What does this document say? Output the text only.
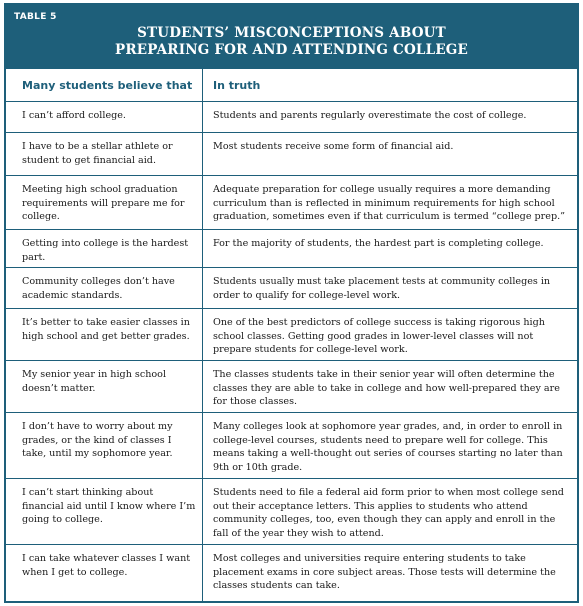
TABLE 5
STUDENTS’ MISCONCEPTIONS ABOUT
PREPARING FOR AND ATTENDING COLLEGE
Many students believe that	In truth
I can’t afford college.	Students and parents regularly overestimate the cost of college.
I have to be a stellar athlete or student to get financial aid.
Most students receive some form of financial aid.
Meeting high school graduation requirements will prepare me for college.
Adequate preparation for college usually requires a more demanding curriculum than is reflected in minimum requirements for high school graduation, sometimes even if that curriculum is termed “college prep.”
Getting into college is the hardest part.
For the majority of students, the hardest part is completing college.
Community colleges don’t have academic standards.
Students usually must take placement tests at community colleges in order to qualify for college-level work.
It’s better to take easier classes in high school and get better grades.
One of the best predictors of college success is taking rigorous high school classes. Getting good grades in lower-level classes will not prepare students for college-level work.
My senior year in high school doesn’t matter.
The classes students take in their senior year will often determine the classes they are able to take in college and how well-prepared they are for those classes.
I don’t have to worry about my grades, or the kind of classes I take, until my sophomore year.
Many colleges look at sophomore year grades, and, in order to enroll in college-level courses, students need to prepare well for college. This means taking a well-thought out series of courses starting no later than 9th or 10th grade.
I can’t start thinking about financial aid until I know where I’m going to college.
Students need to file a federal aid form prior to when most college send out their acceptance letters. This applies to students who attend community colleges, too, even though they can apply and enroll in the fall of the year they wish to attend.
I can take whatever classes I want when I get to college.
Most colleges and universities require entering students to take placement exams in core subject areas. Those tests will determine the classes students can take.
